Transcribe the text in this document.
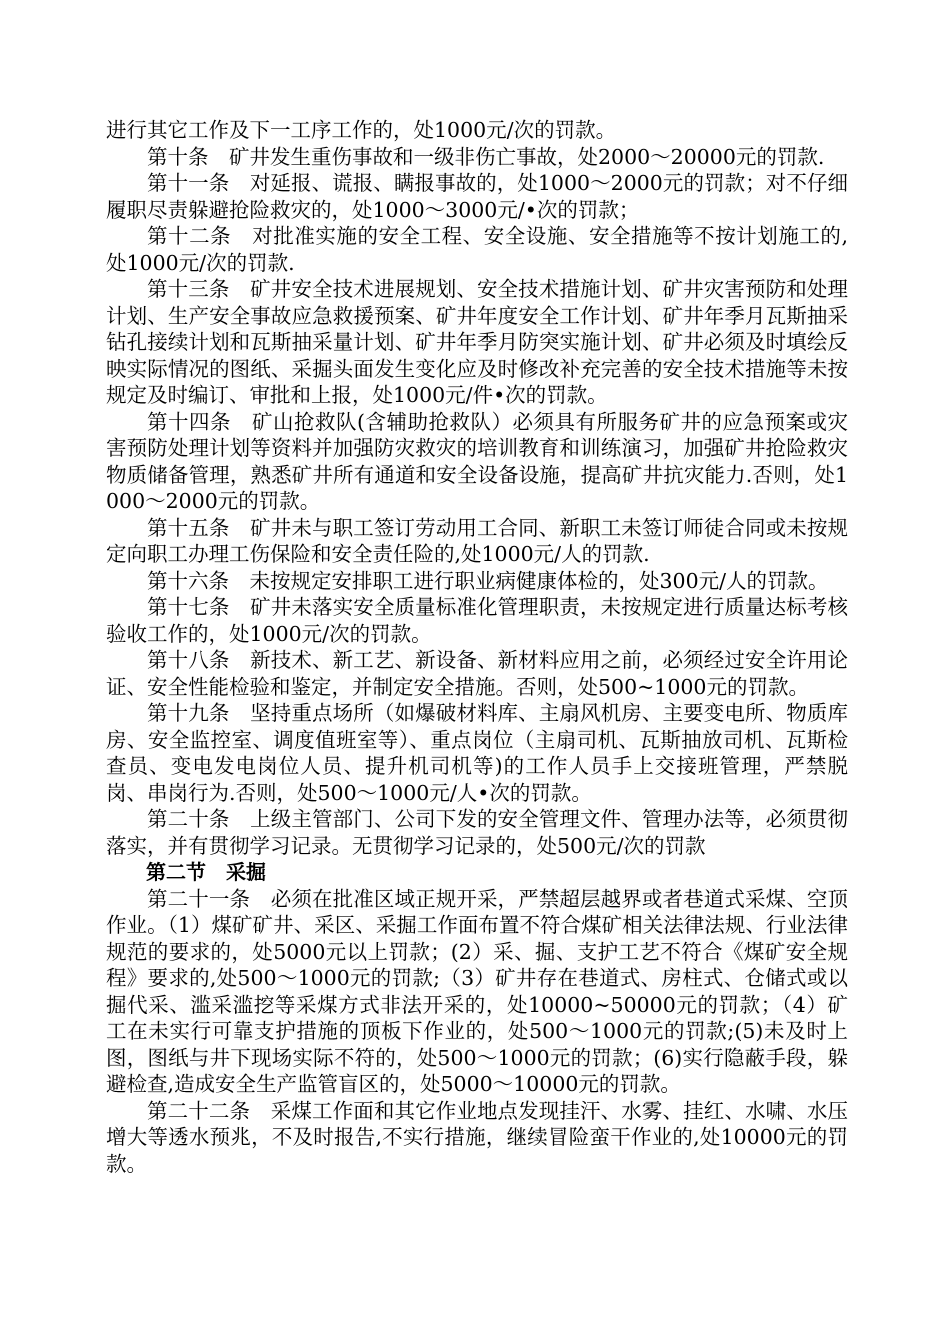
进行其它工作及下一工序工作的，处1000元/次的罚款。

第十条　矿井发生重伤事故和一级非伤亡事故，处2000～20000元的罚款.

第十一条　对延报、谎报、瞒报事故的，处1000～2000元的罚款；对不仔细履职尽责躲避抢险救灾的，处1000～3000元/•次的罚款；

第十二条　对批准实施的安全工程、安全设施、安全措施等不按计划施工的,处1000元/次的罚款.

第十三条　矿井安全技术进展规划、安全技术措施计划、矿井灾害预防和处理计划、生产安全事故应急救援预案、矿井年度安全工作计划、矿井年季月瓦斯抽采钻孔接续计划和瓦斯抽采量计划、矿井年季月防突实施计划、矿井必须及时填绘反映实际情况的图纸、采掘头面发生变化应及时修改补充完善的安全技术措施等未按规定及时编订、审批和上报，处1000元/件•次的罚款。

第十四条　矿山抢救队(含辅助抢救队）必须具有所服务矿井的应急预案或灾害预防处理计划等资料并加强防灾救灾的培训教育和训练演习，加强矿井抢险救灾物质储备管理，熟悉矿井所有通道和安全设备设施，提高矿井抗灾能力.否则，处1000～2000元的罚款。

第十五条　矿井未与职工签订劳动用工合同、新职工未签订师徒合同或未按规定向职工办理工伤保险和安全责任险的,处1000元/人的罚款.

第十六条　未按规定安排职工进行职业病健康体检的，处300元/人的罚款。

第十七条　矿井未落实安全质量标准化管理职责，未按规定进行质量达标考核验收工作的，处1000元/次的罚款。

第十八条　新技术、新工艺、新设备、新材料应用之前，必须经过安全许用论证、安全性能检验和鉴定，并制定安全措施。否则，处500~1000元的罚款。

第十九条　坚持重点场所（如爆破材料库、主扇风机房、主要变电所、物质库房、安全监控室、调度值班室等）、重点岗位（主扇司机、瓦斯抽放司机、瓦斯检查员、变电发电岗位人员、提升机司机等)的工作人员手上交接班管理，严禁脱岗、串岗行为.否则，处500～1000元/人•次的罚款。

第二十条　上级主管部门、公司下发的安全管理文件、管理办法等，必须贯彻落实，并有贯彻学习记录。无贯彻学习记录的，处500元/次的罚款

第二节　采掘

第二十一条　必须在批准区域正规开采，严禁超层越界或者巷道式采煤、空顶作业。（1）煤矿矿井、采区、采掘工作面布置不符合煤矿相关法律法规、行业法律规范的要求的，处5000元以上罚款；(2）采、掘、支护工艺不符合《煤矿安全规程》要求的,处500～1000元的罚款;（3）矿井存在巷道式、房柱式、仓储式或以掘代采、滥采滥挖等采煤方式非法开采的，处10000~50000元的罚款；（4）矿工在未实行可靠支护措施的顶板下作业的，处500～1000元的罚款;(5)未及时上图，图纸与井下现场实际不符的，处500～1000元的罚款；(6)实行隐蔽手段，躲避检查,造成安全生产监管盲区的，处5000～10000元的罚款。

第二十二条　采煤工作面和其它作业地点发现挂汗、水雾、挂红、水啸、水压增大等透水预兆，不及时报告,不实行措施，继续冒险蛮干作业的,处10000元的罚款。
